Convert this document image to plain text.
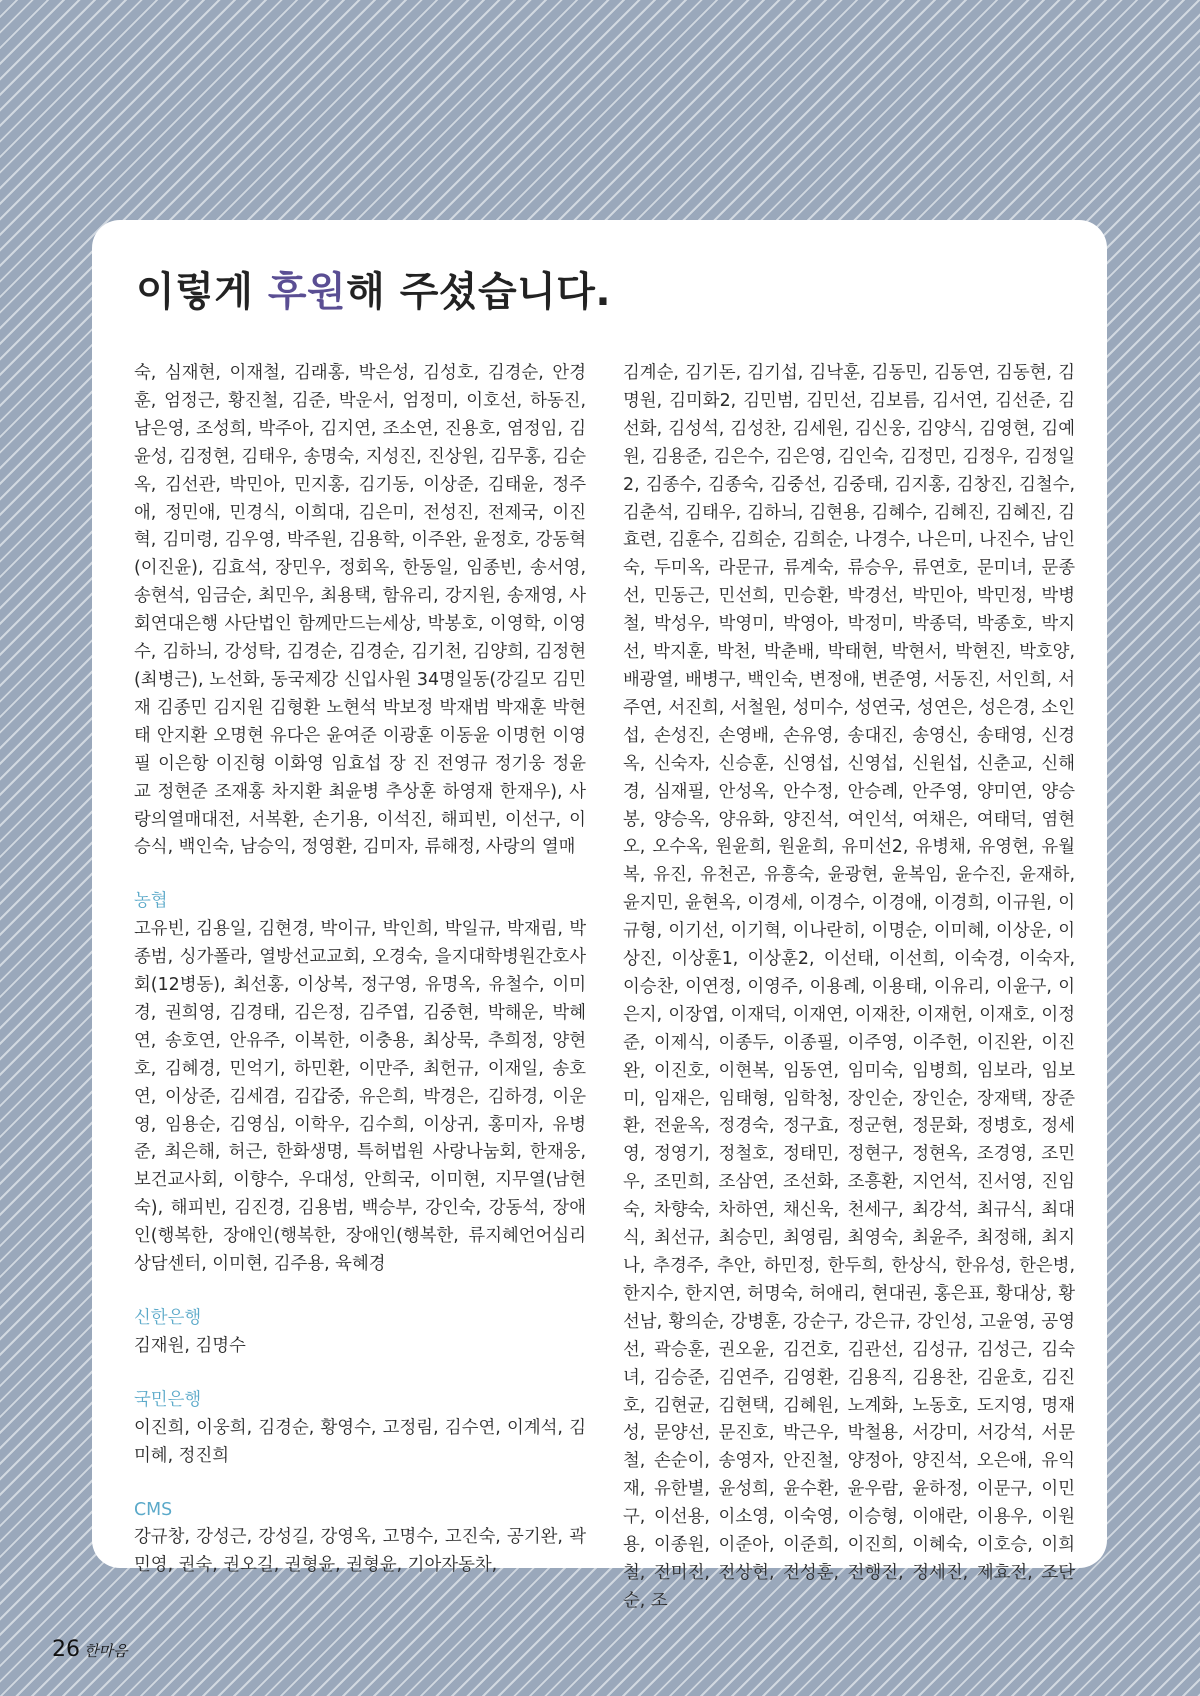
이렇게 후원해 주셨습니다.

숙, 심재현, 이재철, 김래홍, 박은성, 김성호, 김경순, 안경훈, 엄정근, 황진철, 김준, 박운서, 엄정미, 이호선, 하동진, 남은영, 조성희, 박주아, 김지연, 조소연, 진용호, 염정임, 김윤성, 김정현, 김태우, 송명숙, 지성진, 진상원, 김무홍, 김순옥, 김선관, 박민아, 민지홍, 김기동, 이상준, 김태윤, 정주애, 정민애, 민경식, 이희대, 김은미, 전성진, 전제국, 이진혁, 김미령, 김우영, 박주원, 김용학, 이주완, 윤정호, 강동혁(이진윤), 김효석, 장민우, 정회옥, 한동일, 임종빈, 송서영, 송현석, 임금순, 최민우, 최용택, 함유리, 강지원, 송재영, 사회연대은행 사단법인 함께만드는세상, 박봉호, 이영학, 이영수, 김하늬, 강성탁, 김경순, 김경순, 김기천, 김양희, 김정현(최병근), 노선화, 동국제강 신입사원 34명일동(강길모 김민재 김종민 김지원 김형환 노현석 박보정 박재범 박재훈 박현태 안지환 오명현 유다은 윤여준 이광훈 이동윤 이명헌 이영필 이은항 이진형 이화영 임효섭 장 진 전영규 정기웅 정윤교 정현준 조재홍 차지환 최윤병 추상훈 하영재 한재우), 사랑의열매대전, 서복환, 손기용, 이석진, 해피빈, 이선구, 이승식, 백인숙, 남승익, 정영환, 김미자, 류해정, 사랑의 열매

농협

고유빈, 김용일, 김현경, 박이규, 박인희, 박일규, 박재림, 박종범, 싱가폴라, 열방선교교회, 오경숙, 을지대학병원간호사회(12병동), 최선홍, 이상복, 정구영, 유명옥, 유철수, 이미경, 권희영, 김경태, 김은정, 김주엽, 김중현, 박해운, 박혜연, 송호연, 안유주, 이복한, 이충용, 최상묵, 추희정, 양현호, 김혜경, 민억기, 하민환, 이만주, 최헌규, 이재일, 송호연, 이상준, 김세겸, 김갑중, 유은희, 박경은, 김하경, 이운영, 임용순, 김영심, 이학우, 김수희, 이상귀, 홍미자, 유병준, 최은해, 허근, 한화생명, 특허법원 사랑나눔회, 한재웅, 보건교사회, 이향수, 우대성, 안희국, 이미현, 지무열(남현숙), 해피빈, 김진경, 김용범, 백승부, 강인숙, 강동석, 장애인(행복한, 장애인(행복한, 장애인(행복한, 류지혜언어심리상담센터, 이미현, 김주용, 육혜경

신한은행

김재원, 김명수

국민은행

이진희, 이웅희, 김경순, 황영수, 고정림, 김수연, 이계석, 김미혜, 정진희

CMS

강규창, 강성근, 강성길, 강영옥, 고명수, 고진숙, 공기완, 곽민영, 권숙, 권오길, 권형윤, 권형윤, 기아자동차,

김계순, 김기돈, 김기섭, 김낙훈, 김동민, 김동연, 김동현, 김명원, 김미화2, 김민범, 김민선, 김보름, 김서연, 김선준, 김선화, 김성석, 김성찬, 김세원, 김신웅, 김양식, 김영현, 김예원, 김용준, 김은수, 김은영, 김인숙, 김정민, 김정우, 김정일2, 김종수, 김종숙, 김중선, 김중태, 김지홍, 김창진, 김철수, 김춘석, 김태우, 김하늬, 김현용, 김혜수, 김혜진, 김혜진, 김효련, 김훈수, 김희순, 김희순, 나경수, 나은미, 나진수, 남인숙, 두미옥, 라문규, 류계숙, 류승우, 류연호, 문미녀, 문종선, 민동근, 민선희, 민승환, 박경선, 박민아, 박민정, 박병철, 박성우, 박영미, 박영아, 박정미, 박종덕, 박종호, 박지선, 박지훈, 박천, 박춘배, 박태현, 박현서, 박현진, 박호양, 배광열, 배병구, 백인숙, 변정애, 변준영, 서동진, 서인희, 서주연, 서진희, 서철원, 성미수, 성연국, 성연은, 성은경, 소인섭, 손성진, 손영배, 손유영, 송대진, 송영신, 송태영, 신경옥, 신숙자, 신승훈, 신영섭, 신영섭, 신원섭, 신춘교, 신해경, 심재필, 안성옥, 안수정, 안승례, 안주영, 양미연, 양승봉, 양승옥, 양유화, 양진석, 여인석, 여채은, 여태덕, 염현오, 오수옥, 원윤희, 원윤희, 유미선2, 유병채, 유영현, 유월복, 유진, 유천곤, 유흥숙, 윤광현, 윤복임, 윤수진, 윤재하, 윤지민, 윤현옥, 이경세, 이경수, 이경애, 이경희, 이규원, 이규형, 이기선, 이기혁, 이나란히, 이명순, 이미혜, 이상운, 이상진, 이상훈1, 이상훈2, 이선태, 이선희, 이숙경, 이숙자, 이승찬, 이연정, 이영주, 이용례, 이용태, 이유리, 이윤구, 이은지, 이장엽, 이재덕, 이재연, 이재찬, 이재헌, 이재호, 이정준, 이제식, 이종두, 이종필, 이주영, 이주헌, 이진완, 이진완, 이진호, 이현복, 임동연, 임미숙, 임병희, 임보라, 임보미, 임재은, 임태형, 임학청, 장인순, 장인순, 장재택, 장준환, 전윤옥, 정경숙, 정구효, 정군현, 정문화, 정병호, 정세영, 정영기, 정철호, 정태민, 정현구, 정현옥, 조경영, 조민우, 조민희, 조삼연, 조선화, 조흥환, 지언석, 진서영, 진임숙, 차향숙, 차하연, 채신욱, 천세구, 최강석, 최규식, 최대식, 최선규, 최승민, 최영림, 최영숙, 최윤주, 최정해, 최지나, 추경주, 추안, 하민정, 한두희, 한상식, 한유성, 한은병, 한지수, 한지연, 허명숙, 허애리, 현대권, 홍은표, 황대상, 황선남, 황의순, 강병훈, 강순구, 강은규, 강인성, 고윤영, 공영선, 곽승훈, 권오윤, 김건호, 김관선, 김성규, 김성근, 김숙녀, 김승준, 김연주, 김영환, 김용직, 김용찬, 김윤호, 김진호, 김현균, 김현택, 김혜원, 노계화, 노동호, 도지영, 명재성, 문양선, 문진호, 박근우, 박철용, 서강미, 서강석, 서문철, 손순이, 송영자, 안진철, 양정아, 양진석, 오은애, 유익재, 유한별, 윤성희, 윤수환, 윤우람, 윤하정, 이문구, 이민구, 이선용, 이소영, 이숙영, 이승형, 이애란, 이용우, 이원용, 이종원, 이준아, 이준희, 이진희, 이혜숙, 이호승, 이희철, 전미진, 전상현, 전성훈, 전행진, 정세진, 제효전, 조단순, 조

26 한마음
